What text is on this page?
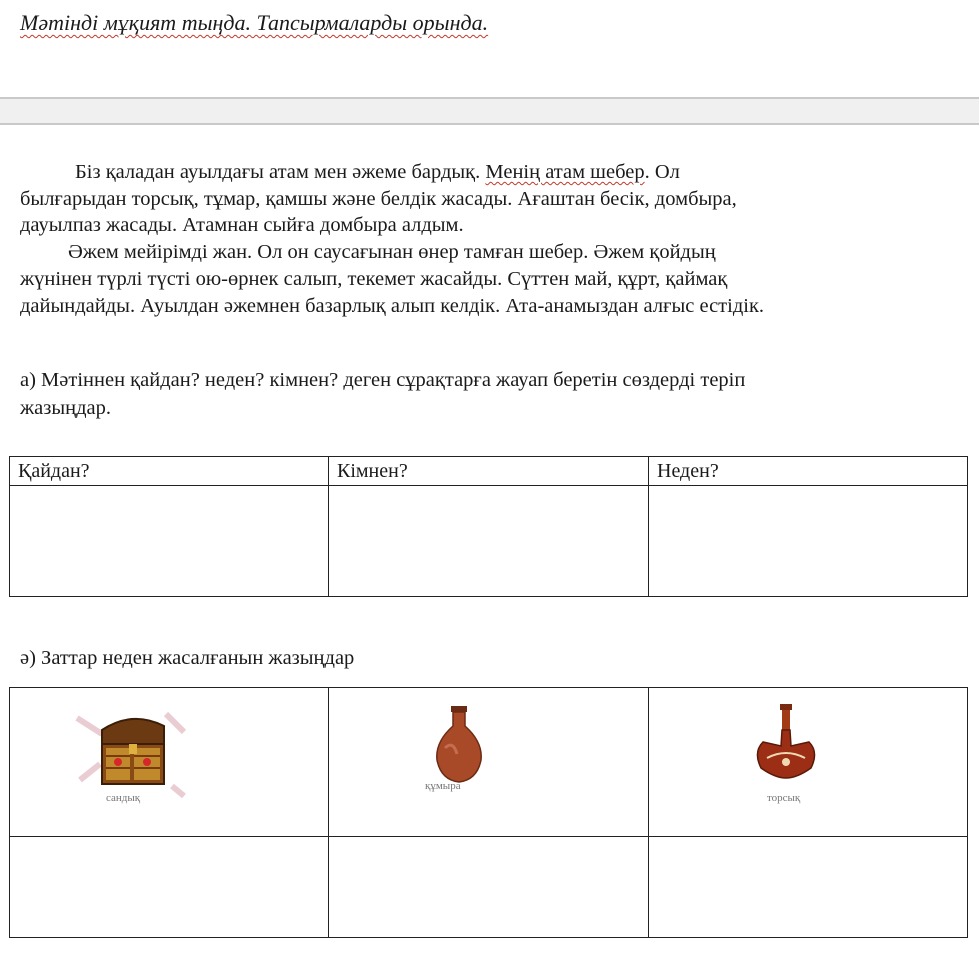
Мәтінді мұқият тыңда. Тапсырмаларды орында.
Біз қаладан ауылдағы атам мен әжеме бардық. Менің атам шебер. Ол
былғарыдан торсық, тұмар, қамшы және белдік жасады. Ағаштан бесік, домбыра,
дауылпаз жасады. Атамнан сыйға домбыра алдым.
Әжем мейірімді жан. Ол он саусағынан өнер тамған шебер. Әжем қойдың
жүнінен түрлі түсті ою-өрнек салып, текемет жасайды. Сүттен май, құрт, қаймақ
дайындайды. Ауылдан әжемнен базарлық алып келдік. Ата-анамыздан алғыс естідік.
а) Мәтіннен қайдан? неден? кімнен? деген сұрақтарға жауап беретін сөздерді теріп
жазыңдар.
Қайдан?	Кімнен?	Неден?

ә) Заттар неден жасалғанын жазыңдар
сандық	құмыра	торсық
